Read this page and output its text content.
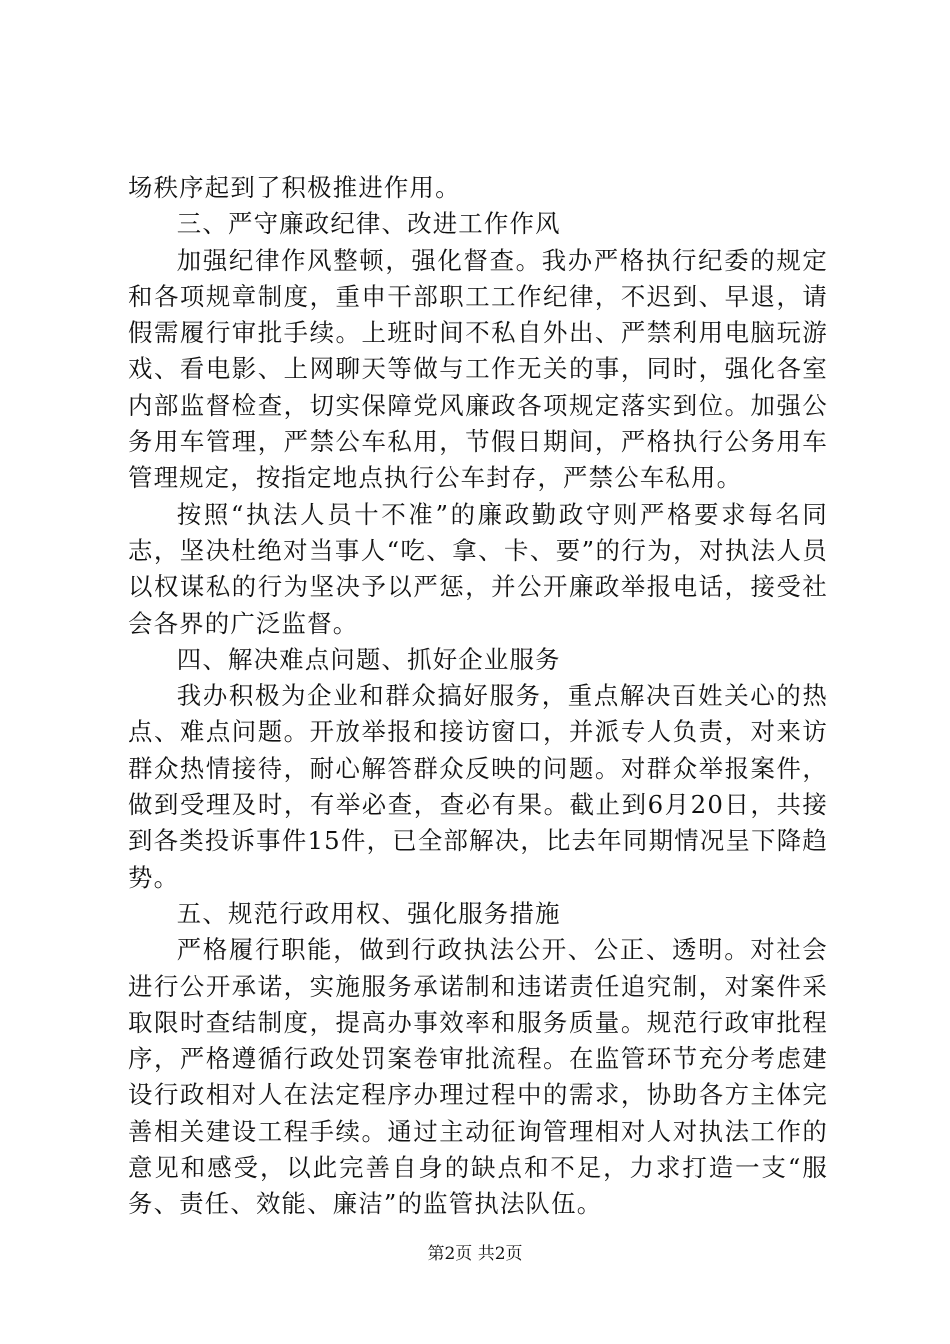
场秩序起到了积极推进作用。

三、严守廉政纪律、改进工作作风

加强纪律作风整顿，强化督查。我办严格执行纪委的规定和各项规章制度，重申干部职工工作纪律，不迟到、早退，请假需履行审批手续。上班时间不私自外出、严禁利用电脑玩游戏、看电影、上网聊天等做与工作无关的事，同时，强化各室内部监督检查，切实保障党风廉政各项规定落实到位。加强公务用车管理，严禁公车私用，节假日期间，严格执行公务用车管理规定，按指定地点执行公车封存，严禁公车私用。

按照“执法人员十不准”的廉政勤政守则严格要求每名同志，坚决杜绝对当事人“吃、拿、卡、要”的行为，对执法人员以权谋私的行为坚决予以严惩，并公开廉政举报电话，接受社会各界的广泛监督。

四、解决难点问题、抓好企业服务

我办积极为企业和群众搞好服务，重点解决百姓关心的热点、难点问题。开放举报和接访窗口，并派专人负责，对来访群众热情接待，耐心解答群众反映的问题。对群众举报案件，做到受理及时，有举必查，查必有果。截止到6月20日，共接到各类投诉事件15件，已全部解决，比去年同期情况呈下降趋势。

五、规范行政用权、强化服务措施

严格履行职能，做到行政执法公开、公正、透明。对社会进行公开承诺，实施服务承诺制和违诺责任追究制，对案件采取限时查结制度，提高办事效率和服务质量。规范行政审批程序，严格遵循行政处罚案卷审批流程。在监管环节充分考虑建设行政相对人在法定程序办理过程中的需求，协助各方主体完善相关建设工程手续。通过主动征询管理相对人对执法工作的意见和感受，以此完善自身的缺点和不足，力求打造一支“服务、责任、效能、廉洁”的监管执法队伍。

第2页 共2页
